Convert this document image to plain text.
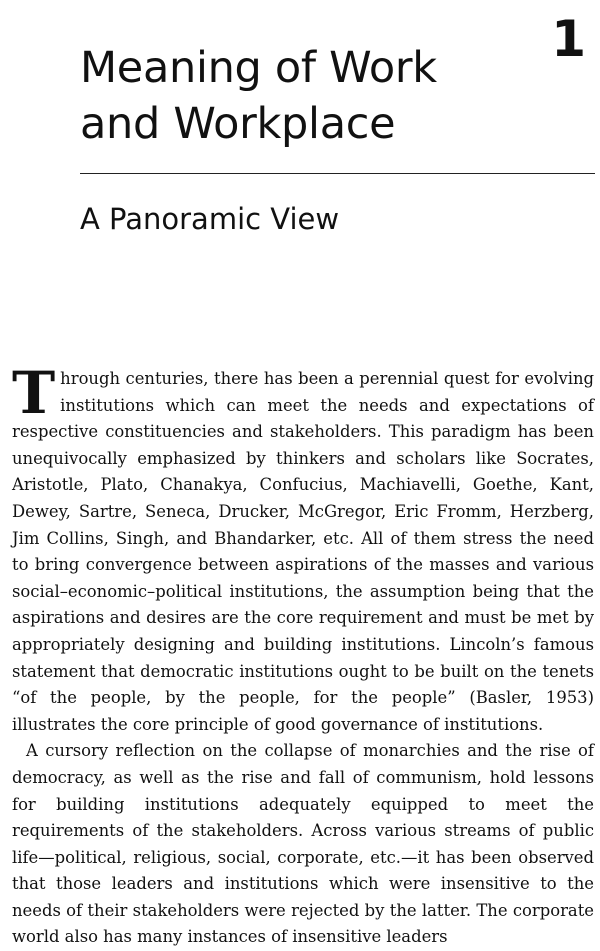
1
Meaning of Work
and Workplace
A Panoramic View

Through centuries, there has been a perennial quest for evolving institutions which can meet the needs and expectations of respective constituencies and stakeholders. This paradigm has been unequivocally emphasized by thinkers and scholars like Socrates, Aristotle, Plato, Chanakya, Confucius, Machiavelli, Goethe, Kant, Dewey, Sartre, Seneca, Drucker, McGregor, Eric Fromm, Herzberg, Jim Collins, Singh, and Bhandarker, etc. All of them stress the need to bring convergence between aspirations of the masses and various social–economic–political institutions, the assumption being that the aspirations and desires are the core requirement and must be met by appropriately designing and building institutions. Lincoln’s famous statement that democratic institutions ought to be built on the tenets “of the people, by the people, for the people” (Basler, 1953) illustrates the core principle of good governance of institutions.

A cursory reflection on the collapse of monarchies and the rise of democracy, as well as the rise and fall of communism, hold lessons for building institutions adequately equipped to meet the requirements of the stakeholders. Across various streams of public life—political, religious, social, corporate, etc.—it has been observed that those leaders and institutions which were insensitive to the needs of their stakeholders were rejected by the latter. The corporate world also has many instances of insensitive leaders
